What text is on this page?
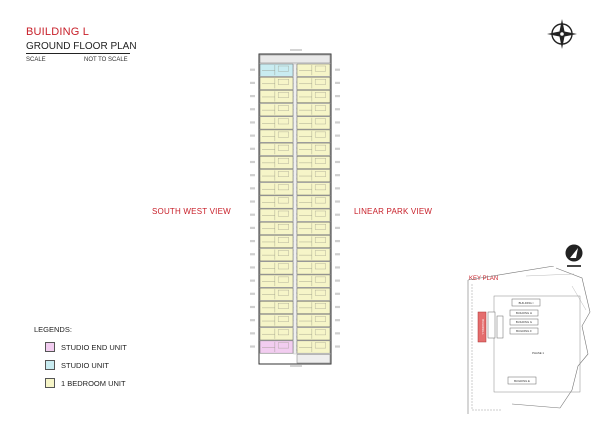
BUILDING L
GROUND FLOOR PLAN
SCALE	NOT TO SCALE
SOUTH WEST VIEW	LINEAR PARK VIEW
LEGENDS:
STUDIO END UNIT
STUDIO UNIT
1 BEDROOM UNIT
KEY PLAN
BUILDING L
BUILDING I
BUILDING H
BUILDING G
BUILDING F
PHASE 1
BUILDING E
